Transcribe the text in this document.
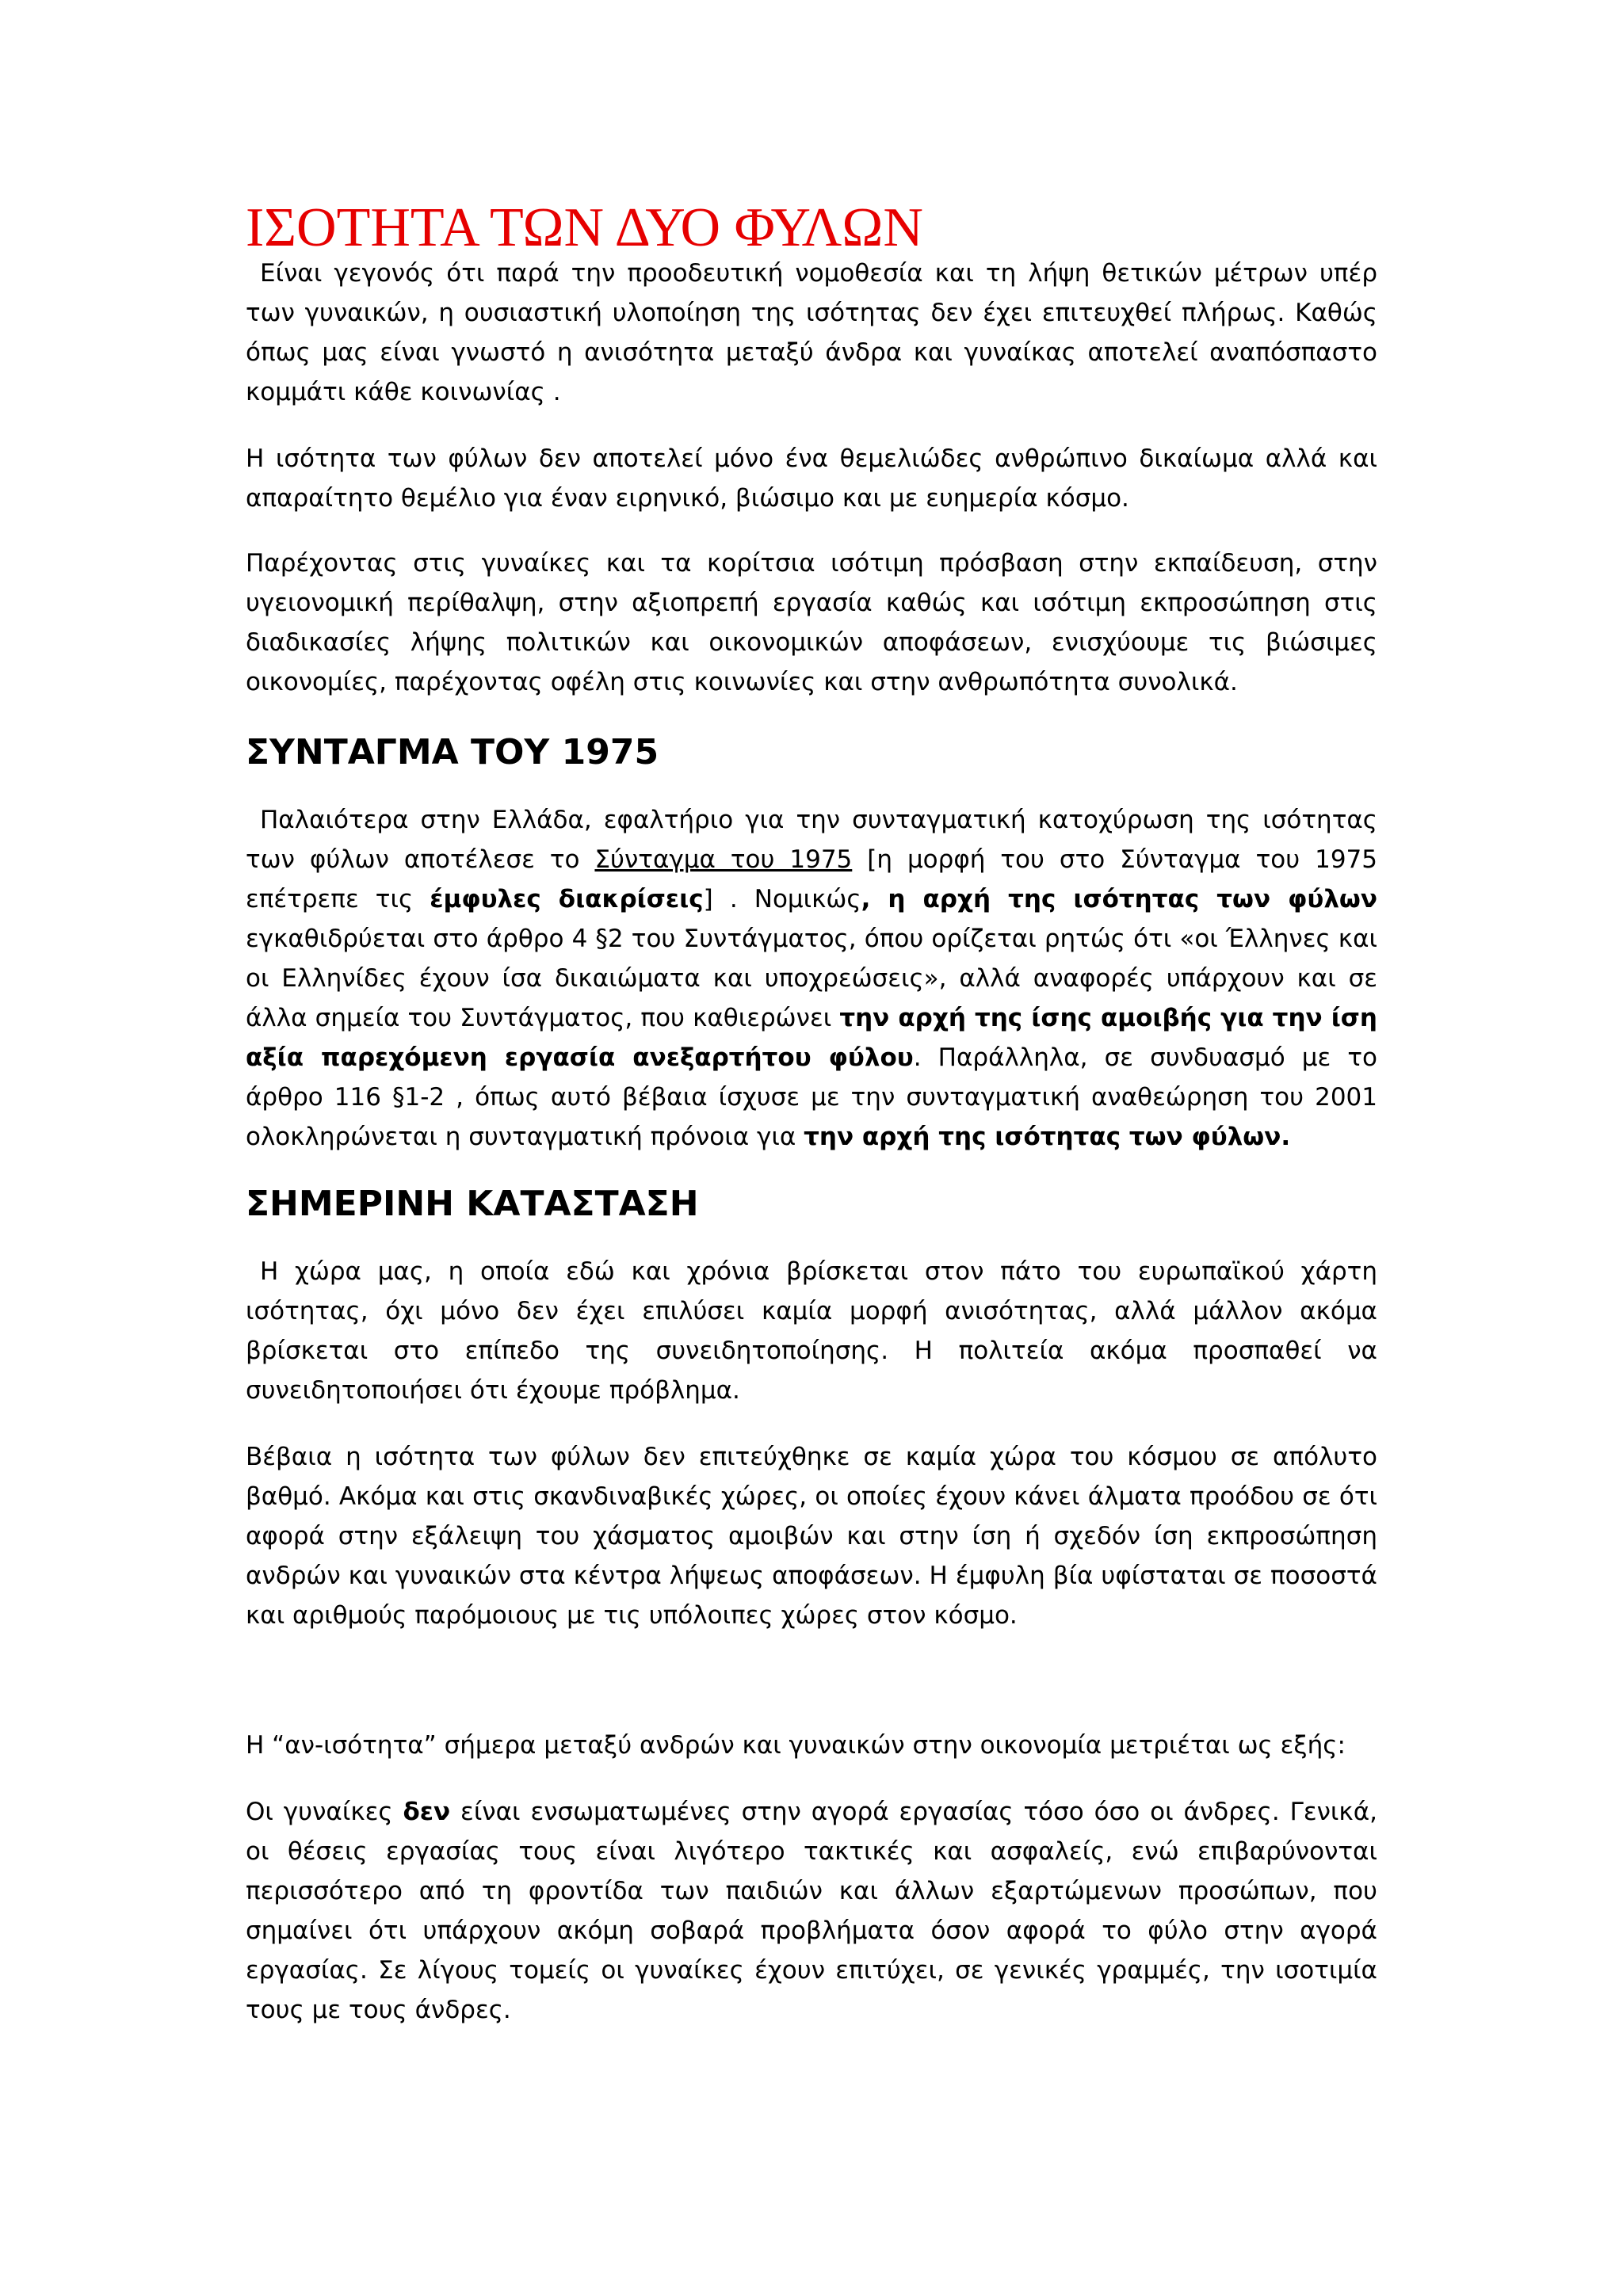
ΙΣΟΤΗΤΑ ΤΩΝ ΔΥΟ ΦΥΛΩΝ

Είναι γεγονός ότι παρά την προοδευτική νομοθεσία και τη λήψη θετικών μέτρων υπέρ των γυναικών, η ουσιαστική υλοποίηση της ισότητας δεν έχει επιτευχθεί πλήρως. Καθώς όπως μας είναι γνωστό η ανισότητα μεταξύ άνδρα και γυναίκας αποτελεί αναπόσπαστο κομμάτι κάθε κοινωνίας .

Η ισότητα των φύλων δεν αποτελεί μόνο ένα θεμελιώδες ανθρώπινο δικαίωμα αλλά και απαραίτητο θεμέλιο για έναν ειρηνικό, βιώσιμο και με ευημερία κόσμο.

Παρέχοντας στις γυναίκες και τα κορίτσια ισότιμη πρόσβαση στην εκπαίδευση, στην υγειονομική περίθαλψη, στην αξιοπρεπή εργασία καθώς και ισότιμη εκπροσώπηση στις διαδικασίες λήψης πολιτικών και οικονομικών αποφάσεων, ενισχύουμε τις βιώσιμες οικονομίες, παρέχοντας οφέλη στις κοινωνίες και στην ανθρωπότητα συνολικά.

ΣΥΝΤΑΓΜΑ ΤΟΥ 1975

Παλαιότερα στην Ελλάδα, εφαλτήριο για την συνταγματική κατοχύρωση της ισότητας των φύλων αποτέλεσε το Σύνταγμα του 1975 [η μορφή του στο Σύνταγμα του 1975 επέτρεπε τις έμφυλες διακρίσεις] . Νομικώς, η αρχή της ισότητας των φύλων εγκαθιδρύεται στο άρθρο 4 §2 του Συντάγματος, όπου ορίζεται ρητώς ότι «οι Έλληνες και οι Ελληνίδες έχουν ίσα δικαιώματα και υποχρεώσεις», αλλά αναφορές υπάρχουν και σε άλλα σημεία του Συντάγματος, που καθιερώνει την αρχή της ίσης αμοιβής για την ίση αξία παρεχόμενη εργασία ανεξαρτήτου φύλου. Παράλληλα, σε συνδυασμό με το άρθρο 116 §1-2 , όπως αυτό βέβαια ίσχυσε με την συνταγματική αναθεώρηση του 2001 ολοκληρώνεται η συνταγματική πρόνοια για την αρχή της ισότητας των φύλων.

ΣΗΜΕΡΙΝΗ ΚΑΤΑΣΤΑΣΗ

Η χώρα μας, η οποία εδώ και χρόνια βρίσκεται στον πάτο του ευρωπαϊκού χάρτη ισότητας, όχι μόνο δεν έχει επιλύσει καμία μορφή ανισότητας, αλλά μάλλον ακόμα βρίσκεται στο επίπεδο της συνειδητοποίησης. Η πολιτεία ακόμα προσπαθεί να συνειδητοποιήσει ότι έχουμε πρόβλημα.

Βέβαια η ισότητα των φύλων δεν επιτεύχθηκε σε καμία χώρα του κόσμου σε απόλυτο βαθμό. Ακόμα και στις σκανδιναβικές χώρες, οι οποίες έχουν κάνει άλματα προόδου σε ότι αφορά στην εξάλειψη του χάσματος αμοιβών και στην ίση ή σχεδόν ίση εκπροσώπηση ανδρών και γυναικών στα κέντρα λήψεως αποφάσεων. Η έμφυλη βία υφίσταται σε ποσοστά και αριθμούς παρόμοιους με τις υπόλοιπες χώρες στον κόσμο.

Η “αν-ισότητα” σήμερα μεταξύ ανδρών και γυναικών στην οικονομία μετριέται ως εξής:

Οι γυναίκες δεν είναι ενσωματωμένες στην αγορά εργασίας τόσο όσο οι άνδρες. Γενικά, οι θέσεις εργασίας τους είναι λιγότερο τακτικές και ασφαλείς, ενώ επιβαρύνονται περισσότερο από τη φροντίδα των παιδιών και άλλων εξαρτώμενων προσώπων, που σημαίνει ότι υπάρχουν ακόμη σοβαρά προβλήματα όσον αφορά το φύλο στην αγορά εργασίας. Σε λίγους τομείς οι γυναίκες έχουν επιτύχει, σε γενικές γραμμές, την ισοτιμία τους με τους άνδρες.
